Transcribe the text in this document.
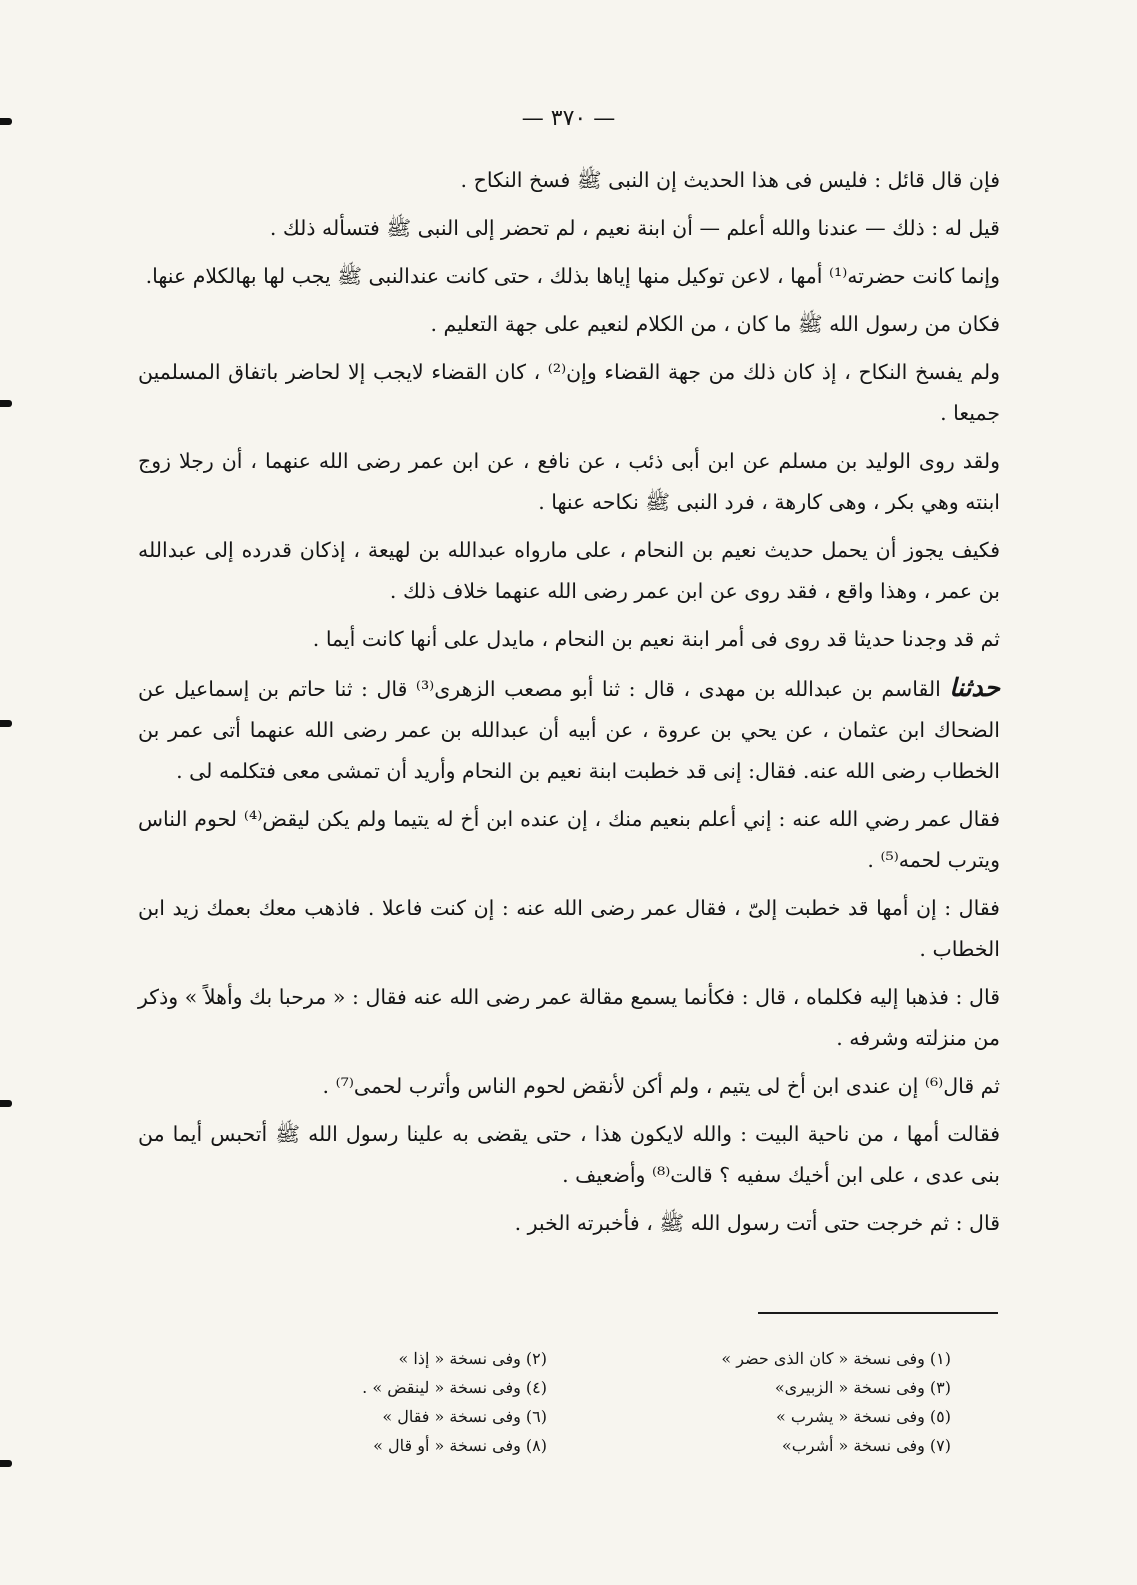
— ٣٧٠ —

فإن قال قائل : فليس فى هذا الحديث إن النبى ﷺ فسخ النكاح .

قيل له : ذلك — عندنا والله أعلم — أن ابنة نعيم ، لم تحضر إلى النبى ﷺ فتسأله ذلك .

وإنما كانت حضرته⁽¹⁾ أمها ، لاعن توكيل منها إياها بذلك ، حتى كانت عندالنبى ﷺ يجب لها بهالكلام عنها.

فكان من رسول الله ﷺ ما كان ، من الكلام لنعيم على جهة التعليم .

ولم يفسخ النكاح ، إذ كان ذلك من جهة القضاء وإن⁽²⁾ ، كان القضاء لايجب إلا لحاضر باتفاق المسلمين جميعا .

ولقد روى الوليد بن مسلم عن ابن أبى ذئب ، عن نافع ، عن ابن عمر رضى الله عنهما ، أن رجلا زوج ابنته وهي بكر ، وهى كارهة ، فرد النبى ﷺ نكاحه عنها .

فكيف يجوز أن يحمل حديث نعيم بن النحام ، على مارواه عبدالله بن لهيعة ، إذكان قدرده إلى عبدالله بن عمر ، وهذا واقع ، فقد روى عن ابن عمر رضى الله عنهما خلاف ذلك .

ثم قد وجدنا حديثا قد روى فى أمر ابنة نعيم بن النحام ، مايدل على أنها كانت أيما .

حدثنا القاسم بن عبدالله بن مهدى ، قال : ثنا أبو مصعب الزهرى⁽³⁾ قال : ثنا حاتم بن إسماعيل عن الضحاك ابن عثمان ، عن يحي بن عروة ، عن أبيه أن عبدالله بن عمر رضى الله عنهما أتى عمر بن الخطاب رضى الله عنه. فقال: إنى قد خطبت ابنة نعيم بن النحام وأريد أن تمشى معى فتكلمه لى .

فقال عمر رضي الله عنه : إني أعلم بنعيم منك ، إن عنده ابن أخ له يتيما ولم يكن ليقض⁽⁴⁾ لحوم الناس ويترب لحمه⁽⁵⁾ .

فقال : إن أمها قد خطبت إلىّ ، فقال عمر رضى الله عنه : إن كنت فاعلا . فاذهب معك بعمك زيد ابن الخطاب .

قال : فذهبا إليه فكلماه ، قال : فكأنما يسمع مقالة عمر رضى الله عنه فقال : « مرحبا بك وأهلاً » وذكر من منزلته وشرفه .

ثم قال⁽⁶⁾ إن عندى ابن أخ لى يتيم ، ولم أكن لأنقض لحوم الناس وأترب لحمى⁽⁷⁾ .

فقالت أمها ، من ناحية البيت : والله لايكون هذا ، حتى يقضى به علينا رسول الله ﷺ أتحبس أيما من بنى عدى ، على ابن أخيك سفيه ؟ قالت⁽⁸⁾ وأضعيف .

قال : ثم خرجت حتى أتت رسول الله ﷺ ، فأخبرته الخبر .

(١) وفى نسخة « كان الذى حضر »
(٣) وفى نسخة « الزبيرى»
(٥) وفى نسخة « يشرب »
(٧) وفى نسخة « أشرب»
(٢) وفى نسخة « إذا »
(٤) وفى نسخة « لينقض » .
(٦) وفى نسخة « فقال »
(٨) وفى نسخة « أو قال »
